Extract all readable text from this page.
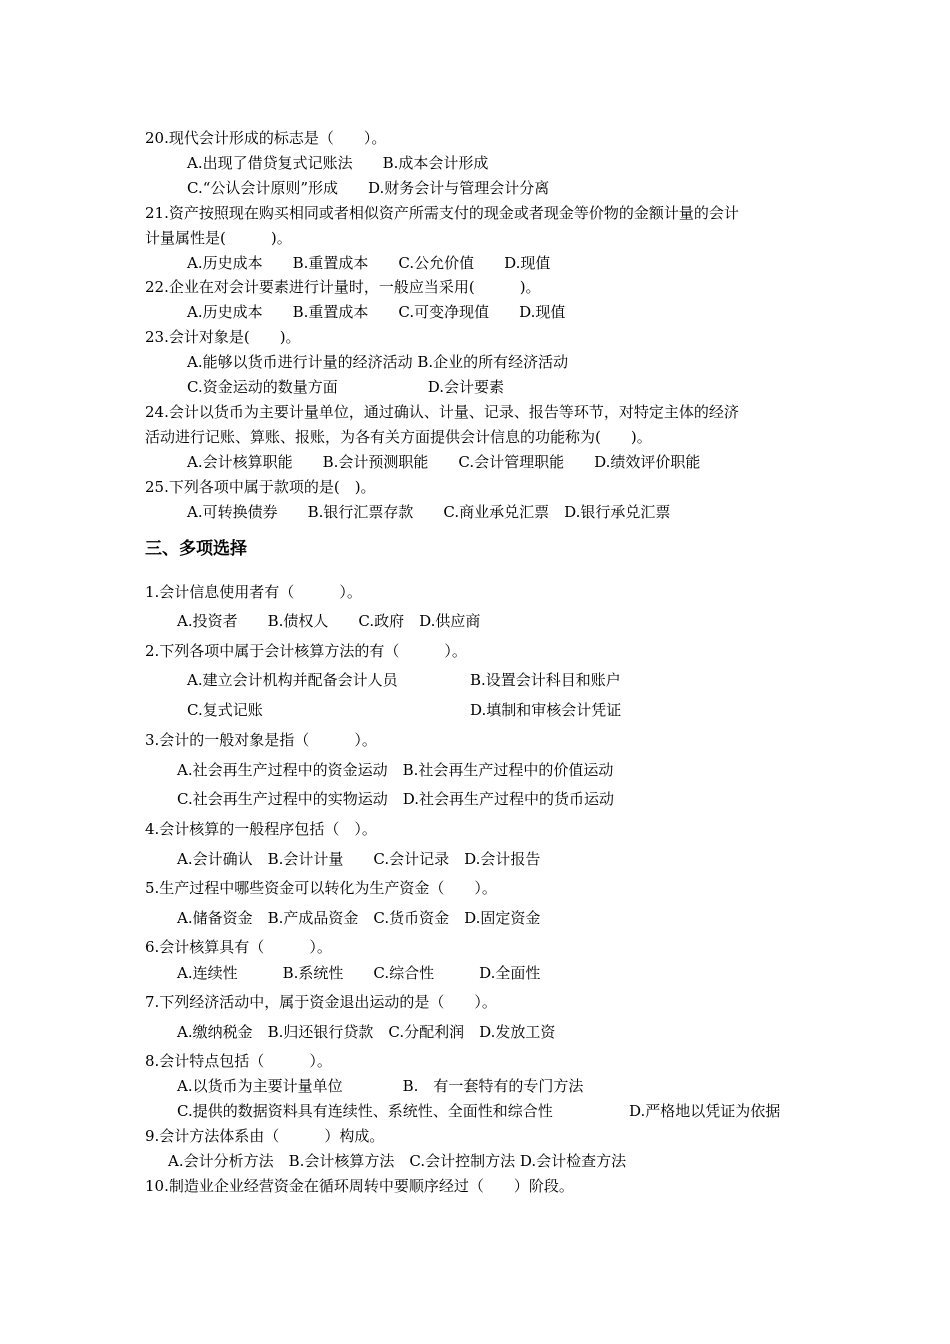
20.现代会计形成的标志是（　　）。
A.出现了借贷复式记账法　　B.成本会计形成
C.“公认会计原则”形成　　D.财务会计与管理会计分离
21.资产按照现在购买相同或者相似资产所需支付的现金或者现金等价物的金额计量的会计
计量属性是(　　　)。
A.历史成本　　B.重置成本　　C.公允价值　　D.现值
22.企业在对会计要素进行计量时，一般应当采用(　　　)。
A.历史成本　　B.重置成本　　C.可变净现值　　D.现值
23.会计对象是(　　)。
A.能够以货币进行计量的经济活动 B.企业的所有经济活动
C.资金运动的数量方面　　　　　　D.会计要素
24.会计以货币为主要计量单位，通过确认、计量、记录、报告等环节，对特定主体的经济
活动进行记账、算账、报账，为各有关方面提供会计信息的功能称为(　　)。
A.会计核算职能　　B.会计预测职能　　C.会计管理职能　　D.绩效评价职能
25.下列各项中属于款项的是(　)。
A.可转换债券　　B.银行汇票存款　　C.商业承兑汇票　D.银行承兑汇票
三、多项选择
1.会计信息使用者有（　　　）。
A.投资者　　B.债权人　　C.政府　D.供应商
2.下列各项中属于会计核算方法的有（　　　）。
A.建立会计机构并配备会计人员	B.设置会计科目和账户
C.复式记账	D.填制和审核会计凭证
3.会计的一般对象是指（　　　）。
A.社会再生产过程中的资金运动　B.社会再生产过程中的价值运动
C.社会再生产过程中的实物运动　D.社会再生产过程中的货币运动
4.会计核算的一般程序包括（　）。
A.会计确认　B.会计计量　　C.会计记录　D.会计报告
5.生产过程中哪些资金可以转化为生产资金（　　）。
A.储备资金　B.产成品资金　C.货币资金　D.固定资金
6.会计核算具有（　　　）。
A.连续性　　　B.系统性　　C.综合性　　　D.全面性
7.下列经济活动中，属于资金退出运动的是（　　）。
A.缴纳税金　B.归还银行贷款　C.分配利润　D.发放工资
8.会计特点包括（　　　）。
A.以货币为主要计量单位　　　　B.　有一套特有的专门方法
C.提供的数据资料具有连续性、系统性、全面性和综合性	D.严格地以凭证为依据
9.会计方法体系由（　　　）构成。
A.会计分析方法　B.会计核算方法　C.会计控制方法 D.会计检查方法
10.制造业企业经营资金在循环周转中要顺序经过（　　）阶段。
